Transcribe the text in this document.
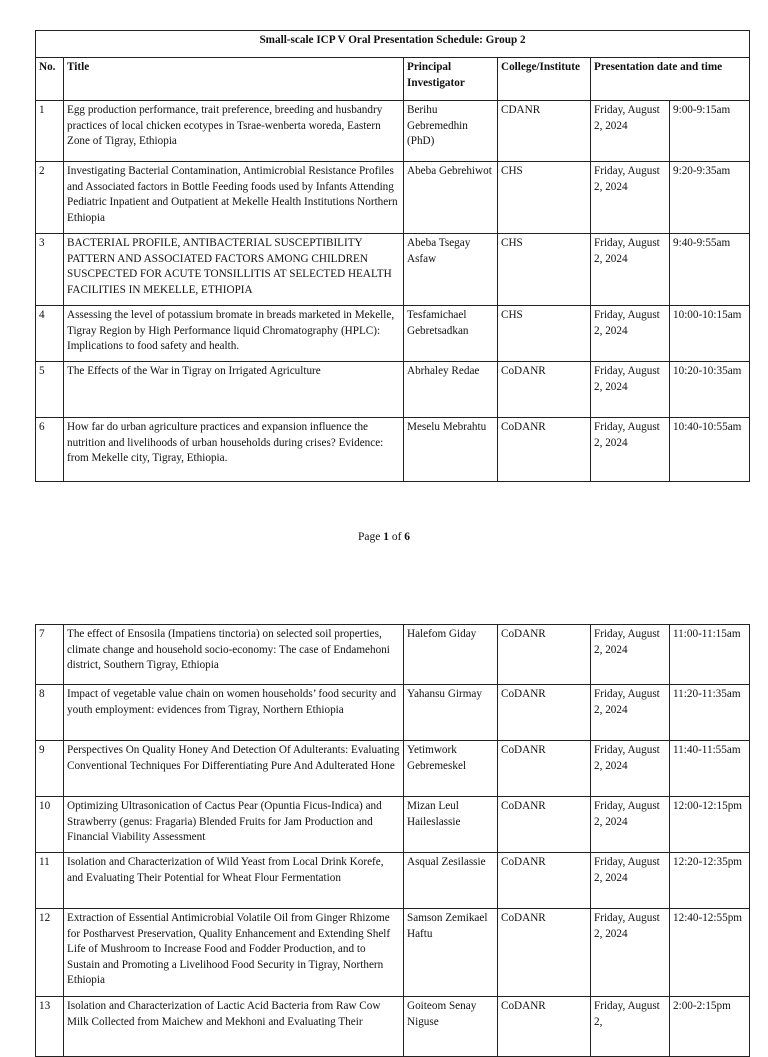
Small-scale ICP V Oral Presentation Schedule: Group 2					
No.	Title	Principal Investigator	College/Institute	Presentation date and time	
1	Egg production performance, trait preference, breeding and husbandry practices of local chicken ecotypes in Tsrae-wenberta woreda, Eastern Zone of Tigray, Ethiopia	Berihu Gebremedhin (PhD)	CDANR	Friday, August 2, 2024	9:00-9:15am
2	Investigating Bacterial Contamination, Antimicrobial Resistance Profiles and Associated factors in Bottle Feeding foods used by Infants Attending Pediatric Inpatient and Outpatient at Mekelle Health Institutions Northern Ethiopia	Abeba Gebrehiwot	CHS	Friday, August 2, 2024	9:20-9:35am
3	BACTERIAL PROFILE, ANTIBACTERIAL SUSCEPTIBILITY PATTERN AND ASSOCIATED FACTORS AMONG CHILDREN SUSCPECTED FOR ACUTE TONSILLITIS AT SELECTED HEALTH FACILITIES IN MEKELLE, ETHIOPIA	Abeba Tsegay Asfaw	CHS	Friday, August 2, 2024	9:40-9:55am
4	Assessing the level of potassium bromate in breads marketed in Mekelle, Tigray Region by High Performance liquid Chromatography (HPLC): Implications to food safety and health.	Tesfamichael Gebretsadkan	CHS	Friday, August 2, 2024	10:00-10:15am
5	The Effects of the War in Tigray on Irrigated Agriculture	Abrhaley Redae	CoDANR	Friday, August 2, 2024	10:20-10:35am
6	How far do urban agriculture practices and expansion influence the nutrition and livelihoods of urban households during crises? Evidence: from Mekelle city, Tigray, Ethiopia.	Meselu Mebrahtu	CoDANR	Friday, August 2, 2024	10:40-10:55am
Page 1 of 6
7	The effect of Ensosila (Impatiens tinctoria) on selected soil properties, climate change and household socio-economy: The case of Endamehoni district, Southern Tigray, Ethiopia	Halefom Giday	CoDANR	Friday, August 2, 2024	11:00-11:15am
8	Impact of vegetable value chain on women households’ food security and youth employment: evidences from Tigray, Northern Ethiopia	Yahansu Girmay	CoDANR	Friday, August 2, 2024	11:20-11:35am
9	Perspectives On Quality Honey And Detection Of Adulterants: Evaluating Conventional Techniques For Differentiating Pure And Adulterated Hone	Yetimwork Gebremeskel	CoDANR	Friday, August 2, 2024	11:40-11:55am
10	Optimizing Ultrasonication of Cactus Pear (Opuntia Ficus-Indica) and Strawberry (genus: Fragaria) Blended Fruits for Jam Production and Financial Viability Assessment	Mizan Leul Haileslassie	CoDANR	Friday, August 2, 2024	12:00-12:15pm
11	Isolation and Characterization of Wild Yeast from Local Drink Korefe, and Evaluating Their Potential for Wheat Flour Fermentation	Asqual Zesilassie	CoDANR	Friday, August 2, 2024	12:20-12:35pm
12	Extraction of Essential Antimicrobial Volatile Oil from Ginger Rhizome for Postharvest Preservation, Quality Enhancement and Extending Shelf Life of Mushroom to Increase Food and Fodder Production, and to Sustain and Promoting a Livelihood Food Security in Tigray, Northern Ethiopia	Samson Zemikael Haftu	CoDANR	Friday, August 2, 2024	12:40-12:55pm
13	Isolation and Characterization of Lactic Acid Bacteria from Raw Cow Milk Collected from Maichew and Mekhoni and Evaluating Their	Goiteom Senay Niguse	CoDANR	Friday, August 2,	2:00-2:15pm
